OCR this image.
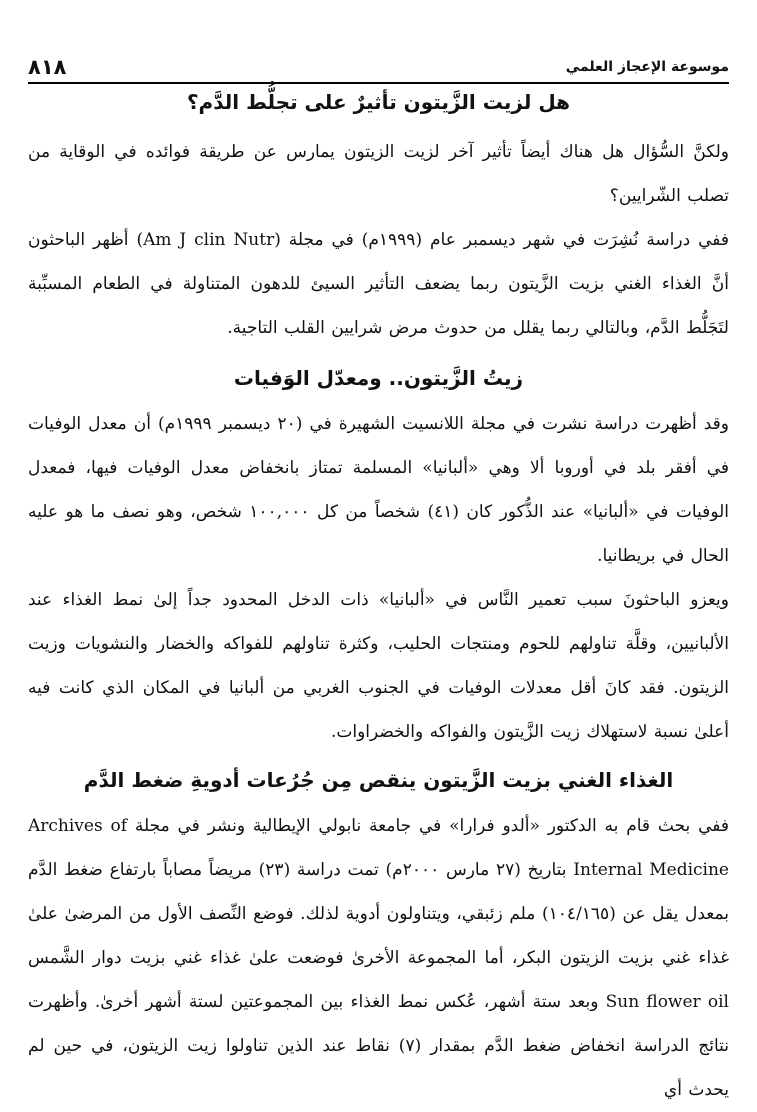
٨١٨	موسوعة الإعجاز العلمي
هل لزيت الزَّيتون تأثيرٌ على تجلُّط الدَّم؟

ولكنَّ السُّؤال هل هناك أيضاً تأثير آخر لزيت الزيتون يمارس عن طريقة فوائده في الوقاية من تصلب الشّرايين؟

ففي دراسة نُشِرَت في شهر ديسمبر عام (١٩٩٩م) في مجلة (Am J clin Nutr) أظهر الباحثون أنَّ الغذاء الغني بزيت الزَّيتون ربما يضعف التأثير السيئ للدهون المتناولة في الطعام المسبِّبة لتَجَلُّط الدَّم، وبالتالي ربما يقلل من حدوث مرض شرايين القلب التاجية.

زيتُ الزَّيتون.. ومعدّل الوَفيات

وقد أظهرت دراسة نشرت في مجلة اللانسيت الشهيرة في (٢٠ ديسمبر ١٩٩٩م) أن معدل الوفيات في أفقر بلد في أوروبا ألا وهي «ألبانيا» المسلمة تمتاز بانخفاض معدل الوفيات فيها، فمعدل الوفيات في «ألبانيا» عند الذُّكور كان (٤١) شخصاً من كل ١٠٠,٠٠٠ شخص، وهو نصف ما هو عليه الحال في بريطانيا.

ويعزو الباحثونَ سبب تعمير النَّاس في «ألبانيا» ذات الدخل المحدود جداً إلىٰ نمط الغذاء عند الألبانيين، وقلَّة تناولهم للحوم ومنتجات الحليب، وكثرة تناولهم للفواكه والخضار والنشويات وزيت الزيتون. فقد كانَ أقل معدلات الوفيات في الجنوب الغربي من ألبانيا في المكان الذي كانت فيه أعلىٰ نسبة لاستهلاك زيت الزَّيتون والفواكه والخضراوات.

الغذاء الغني بزيت الزَّيتون ينقص مِن جُرُعات أدويةِ ضغط الدَّم

ففي بحث قام به الدكتور «ألدو فرارا» في جامعة نابولي الإيطالية ونشر في مجلة Archives of Internal Medicine بتاريخ (٢٧ مارس ٢٠٠٠م) تمت دراسة (٢٣) مريضاً مصاباً بارتفاع ضغط الدَّم بمعدل يقل عن (١٠٤/١٦٥) ملم زئبقي، ويتناولون أدوية لذلك. فوضع النِّصف الأول من المرضىٰ علىٰ غذاء غني بزيت الزيتون البكر، أما المجموعة الأخرىٰ فوضعت علىٰ غذاء غني بزيت دوار الشَّمس Sun flower oil وبعد ستة أشهر، عُكس نمط الغذاء بين المجموعتين لستة أشهر أخرىٰ. وأظهرت نتائج الدراسة انخفاض ضغط الدَّم بمقدار (٧) نقاط عند الذين تناولوا زيت الزيتون، في حين لم يحدث أي
